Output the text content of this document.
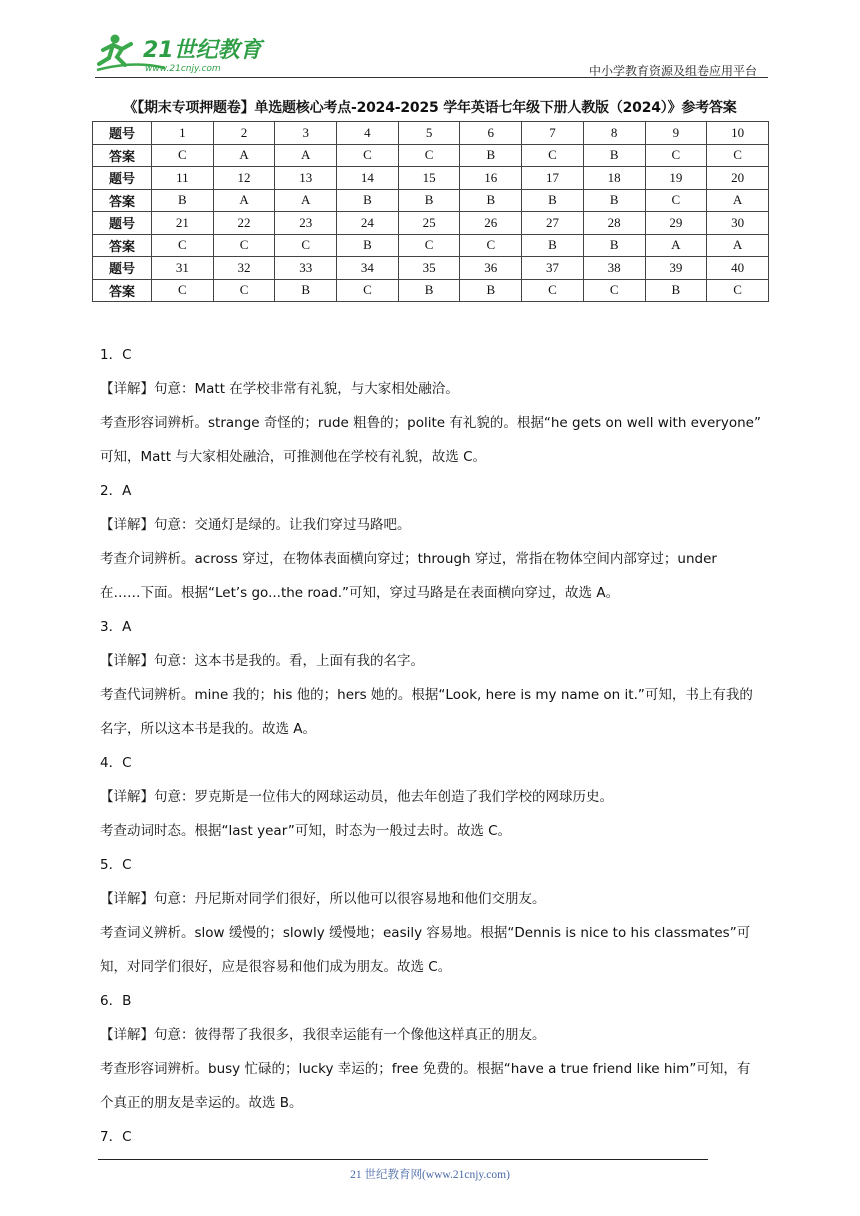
21世纪教育
www.21cnjy.com	中小学教育资源及组卷应用平台
《【期末专项押题卷】单选题核心考点-2024-2025 学年英语七年级下册人教版（2024）》参考答案
题号	1	2	3	4	5	6	7	8	9	10
答案	C	A	A	C	C	B	C	B	C	C
题号	11	12	13	14	15	16	17	18	19	20
答案	B	A	A	B	B	B	B	B	C	A
题号	21	22	23	24	25	26	27	28	29	30
答案	C	C	C	B	C	C	B	B	A	A
题号	31	32	33	34	35	36	37	38	39	40
答案	C	C	B	C	B	B	C	C	B	C

1．C

【详解】句意：Matt 在学校非常有礼貌，与大家相处融洽。

考查形容词辨析。strange 奇怪的；rude 粗鲁的；polite 有礼貌的。根据“he gets on well with everyone”

可知，Matt 与大家相处融洽，可推测他在学校有礼貌，故选 C。

2．A

【详解】句意：交通灯是绿的。让我们穿过马路吧。

考查介词辨析。across 穿过，在物体表面横向穿过；through 穿过，常指在物体空间内部穿过；under

在……下面。根据“Let’s go...the road.”可知，穿过马路是在表面横向穿过，故选 A。

3．A

【详解】句意：这本书是我的。看，上面有我的名字。

考查代词辨析。mine 我的；his 他的；hers 她的。根据“Look, here is my name on it.”可知，书上有我的

名字，所以这本书是我的。故选 A。

4．C

【详解】句意：罗克斯是一位伟大的网球运动员，他去年创造了我们学校的网球历史。

考查动词时态。根据“last year”可知，时态为一般过去时。故选 C。

5．C

【详解】句意：丹尼斯对同学们很好，所以他可以很容易地和他们交朋友。

考查词义辨析。slow 缓慢的；slowly 缓慢地；easily 容易地。根据“Dennis is nice to his classmates”可

知，对同学们很好，应是很容易和他们成为朋友。故选 C。

6．B

【详解】句意：彼得帮了我很多，我很幸运能有一个像他这样真正的朋友。

考查形容词辨析。busy 忙碌的；lucky 幸运的；free 免费的。根据“have a true friend like him”可知，有

个真正的朋友是幸运的。故选 B。

7．C

21 世纪教育网(www.21cnjy.com)
